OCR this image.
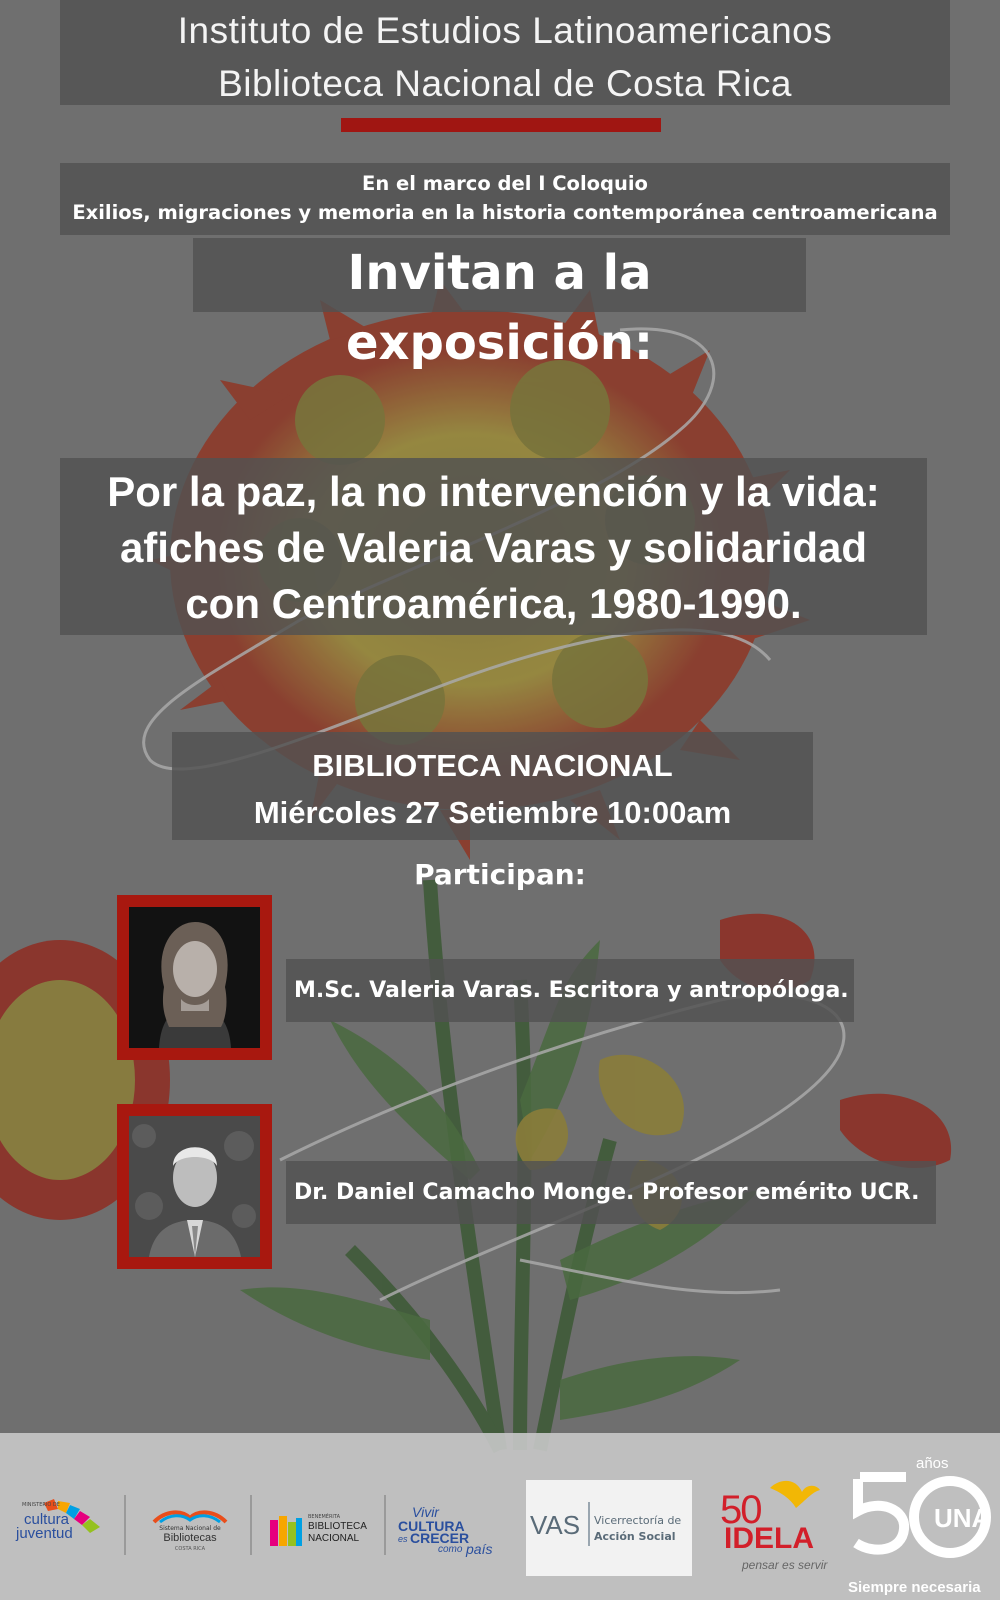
Instituto de Estudios Latinoamericanos
Biblioteca Nacional de Costa Rica
En el marco del I Coloquio
Exilios, migraciones y memoria en la historia contemporánea centroamericana
Invitan a la exposición:
Por la paz, la no intervención y la vida:
afiches de Valeria Varas y solidaridad
con Centroamérica, 1980-1990.
BIBLIOTECA NACIONAL
Miércoles 27 Setiembre 10:00am
Participan:
M.Sc. Valeria Varas. Escritora y antropóloga.
Dr. Daniel Camacho Monge. Profesor emérito UCR.
MINISTERIO DE
cultura
juventud	Sistema Nacional de
Bibliotecas
COSTA RICA
BENEMÉRITA
BIBLIOTECA
NACIONAL
Vivir
CULTURA
es CRECER
como país
VAS Vicerrectoría de
Acción Social
50
IDELA
pensar es servir
años
UNA
Siempre necesaria
